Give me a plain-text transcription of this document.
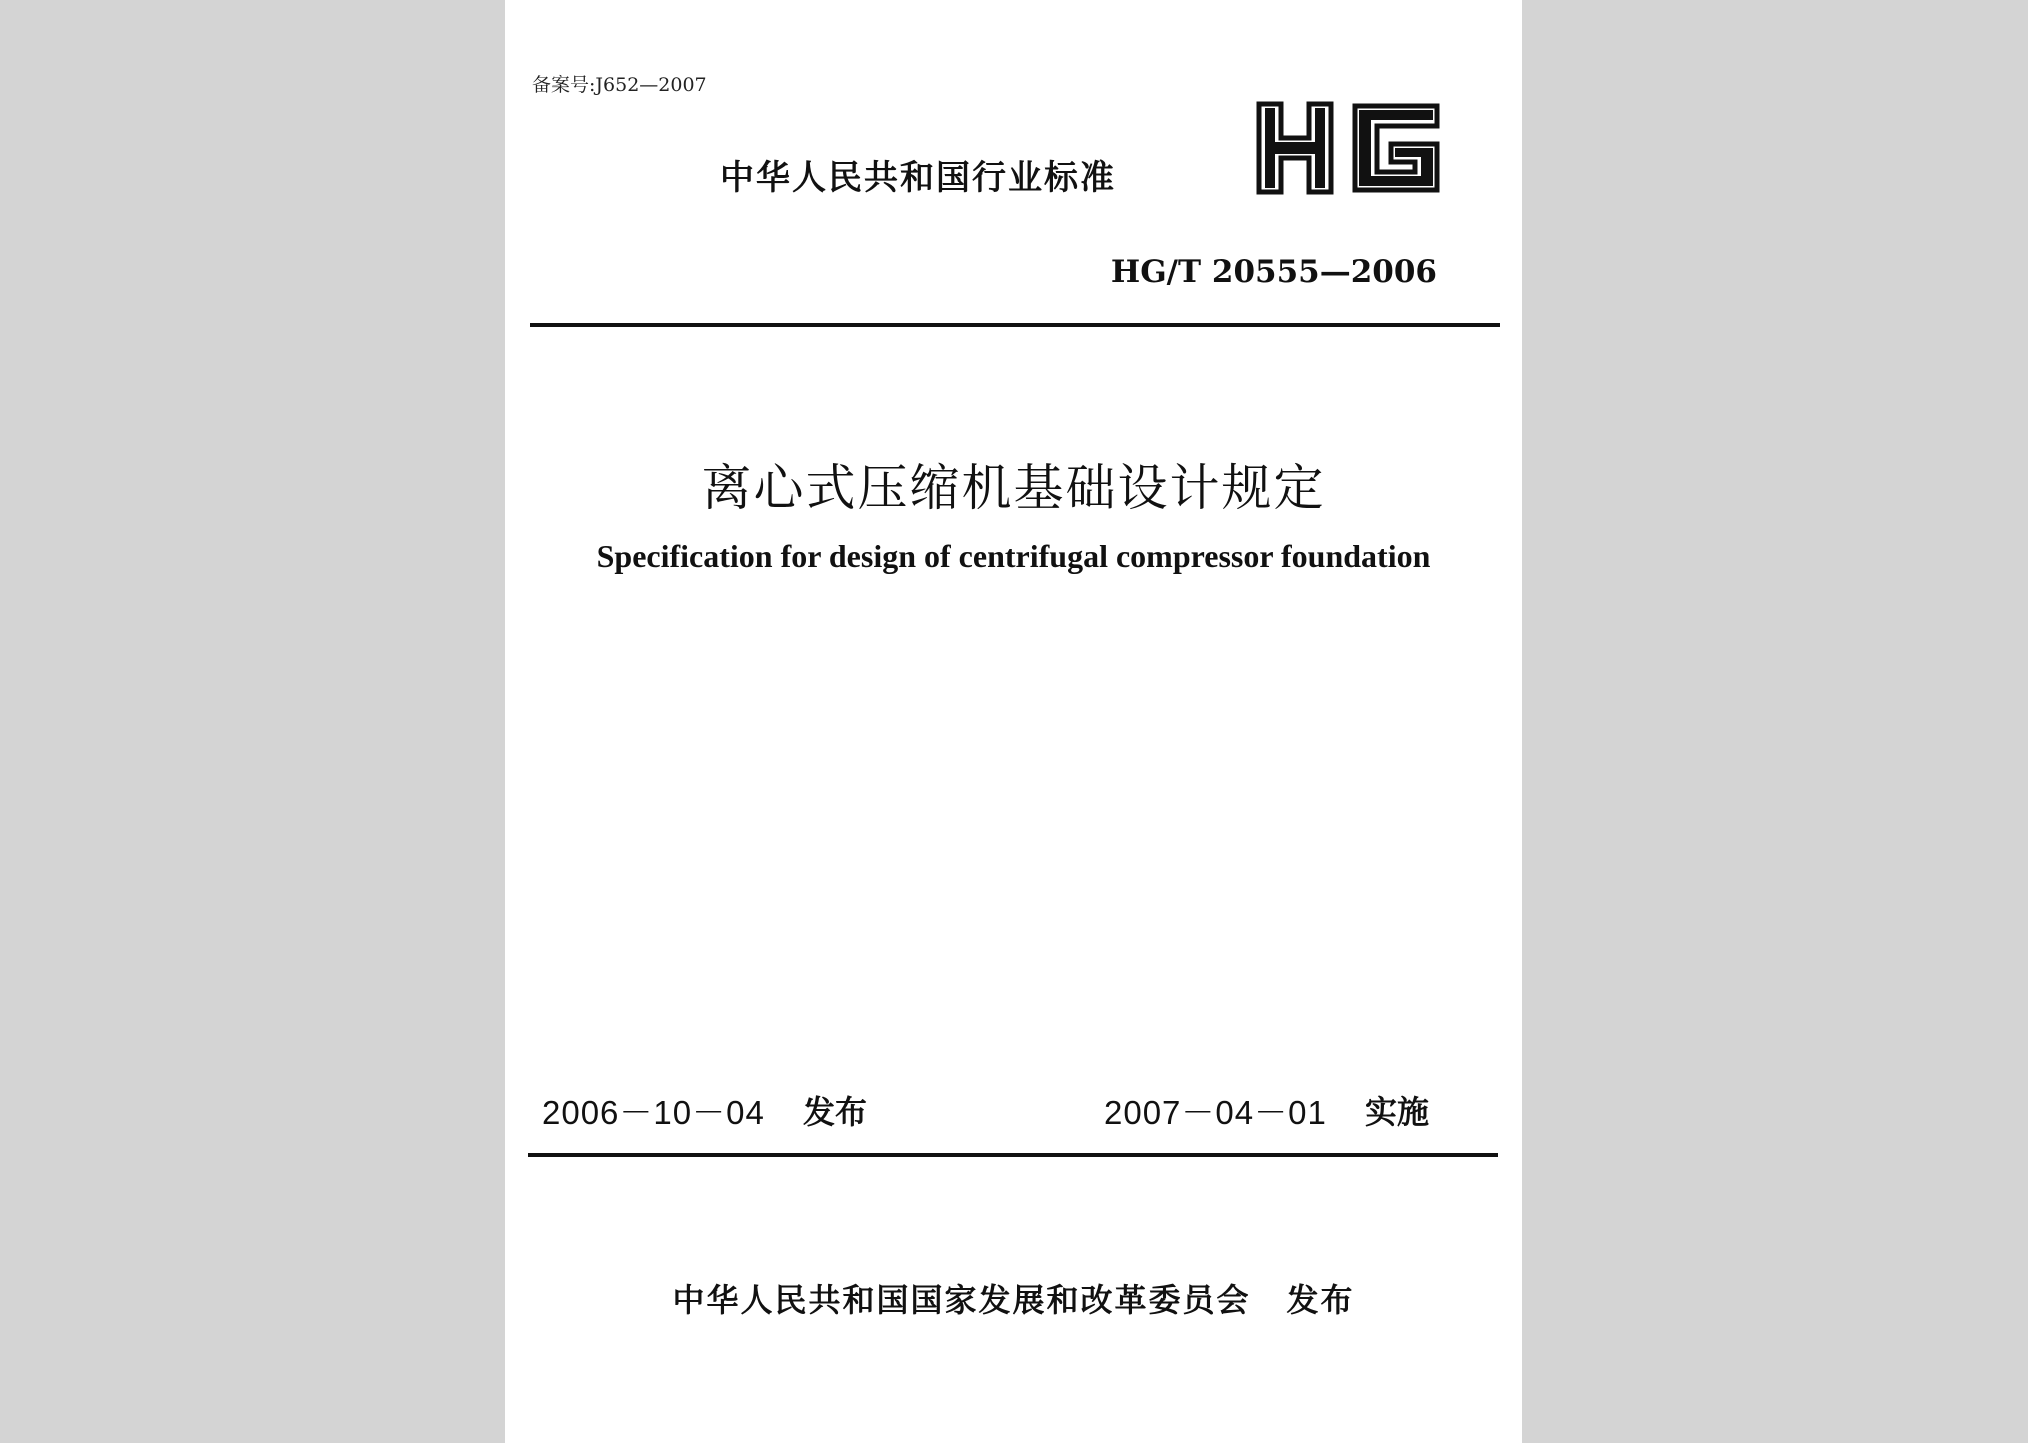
备案号:J652—2007
中华人民共和国行业标准
HG/T 20555—2006
离心式压缩机基础设计规定
Specification for design of centrifugal compressor foundation
2006－10－04 发布	2007－04－01 实施
中华人民共和国国家发展和改革委员会 发布
